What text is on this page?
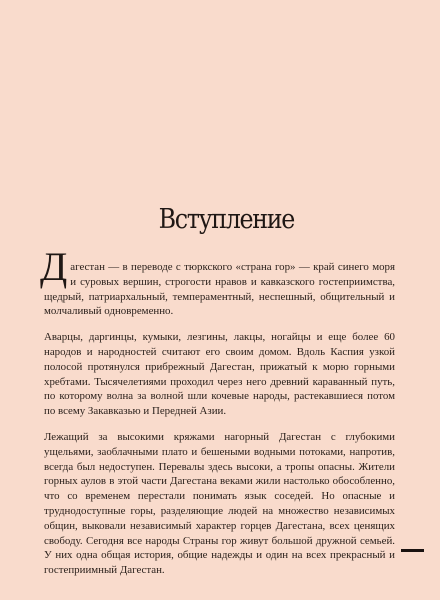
Вступление

Дагестан — в переводе с тюркского «страна гор» — край синего моря и суровых вершин, строгости нравов и кавказского гостеприимства, щедрый, патриархальный, темпераментный, неспешный, общительный и молчаливый одновременно.

Аварцы, даргинцы, кумыки, лезгины, лакцы, ногайцы и еще более 60 народов и народностей считают его своим домом. Вдоль Каспия узкой полосой протянулся прибрежный Дагестан, прижатый к морю горными хребтами. Тысячелетиями проходил через него древний караванный путь, по которому волна за волной шли кочевые народы, растекавшиеся потом по всему Закавказью и Передней Азии.

Лежащий за высокими кряжами нагорный Дагестан с глубокими ущельями, заоблачными плато и бешеными водными потоками, напротив, всегда был недоступен. Перевалы здесь высоки, а тропы опасны. Жители горных аулов в этой части Дагестана веками жили настолько обособленно, что со временем перестали понимать язык соседей. Но опасные и труднодоступные горы, разделяющие людей на множество независимых общин, выковали независимый характер горцев Дагестана, всех ценящих свободу. Сегодня все народы Страны гор живут большой дружной семьей. У них одна общая история, общие надежды и один на всех прекрасный и гостеприимный Дагестан.
